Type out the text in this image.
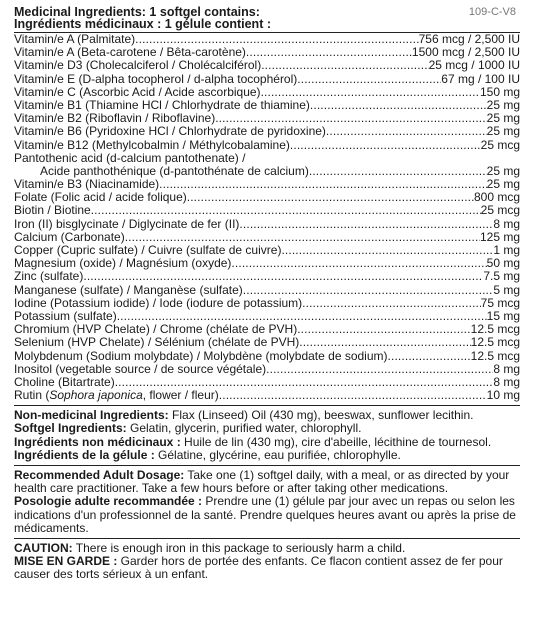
Medicinal Ingredients: 1 softgel contains:
Ingrédients médicinaux : 1 gélule contient :
109-C-V8
Vitamin/e A (Palmitate) . . .	756 mcg / 2,500 IU
Vitamin/e A (Beta-carotene / Bêta-carotène) . . .	1500 mcg / 2,500 IU
Vitamin/e D3 (Cholecalciferol / Cholécalciférol) . . .	25 mcg / 1000 IU
Vitamin/e E (D-alpha tocopherol / d-alpha tocophérol) . . .	67 mg / 100 IU
Vitamin/e C (Ascorbic Acid / Acide ascorbique) . . .	150 mg
Vitamin/e B1 (Thiamine HCl / Chlorhydrate de thiamine) . . .	25 mg
Vitamin/e B2 (Riboflavin / Riboflavine) . . .	25 mg
Vitamin/e B6 (Pyridoxine HCl / Chlorhydrate de pyridoxine) . . .	25 mg
Vitamin/e B12 (Methylcobalmin / Méthylcobalamine) . . .	25 mcg
Pantothenic acid (d-calcium pantothenate) /
Acide panthothénique (d-pantothénate de calcium) . . .	25 mg
Vitamin/e B3 (Niacinamide) . . .	25 mg
Folate (Folic acid / acide folique) . . .	800 mcg
Biotin / Biotine . . .	25 mcg
Iron (II) bisglycinate / Diglycinate de fer (II) . . .	8 mg
Calcium (Carbonate) . . .	125 mg
Copper (Cupric sulfate) / Cuivre (sulfate de cuivre) . . .	1 mg
Magnesium (oxide) / Magnésium (oxyde) . . .	50 mg
Zinc (sulfate) . . .	7.5 mg
Manganese (sulfate) / Manganèse (sulfate) . . .	5 mg
Iodine (Potassium iodide) / Iode (iodure de potassium) . . .	75 mcg
Potassium (sulfate) . . .	15 mg
Chromium (HVP Chelate) / Chrome (chélate de PVH) . . .	12.5 mcg
Selenium (HVP Chelate) / Sélénium (chélate de PVH) . . .	12.5 mcg
Molybdenum (Sodium molybdate) / Molybdène (molybdate de sodium) . . .	12.5 mcg
Inositol (vegetable source / de source végétale) . . .	8 mg
Choline (Bitartrate) . . .	8 mg
Rutin (Sophora japonica, flower / fleur) . . .	10 mg

Non-medicinal Ingredients: Flax (Linseed) Oil (430 mg), beeswax, sunflower lecithin.

Softgel Ingredients: Gelatin, glycerin, purified water, chlorophyll.

Ingrédients non médicinaux : Huile de lin (430 mg), cire d'abeille, lécithine de tournesol.

Ingrédients de la gélule : Gélatine, glycérine, eau purifiée, chlorophylle.

Recommended Adult Dosage: Take one (1) softgel daily, with a meal, or as directed by your health care practitioner. Take a few hours before or after taking other medications.

Posologie adulte recommandée : Prendre une (1) gélule par jour avec un repas ou selon les indications d'un professionnel de la santé. Prendre quelques heures avant ou après la prise de médicaments.

CAUTION: There is enough iron in this package to seriously harm a child.

MISE EN GARDE : Garder hors de portée des enfants. Ce flacon contient assez de fer pour causer des torts sérieux à un enfant.
